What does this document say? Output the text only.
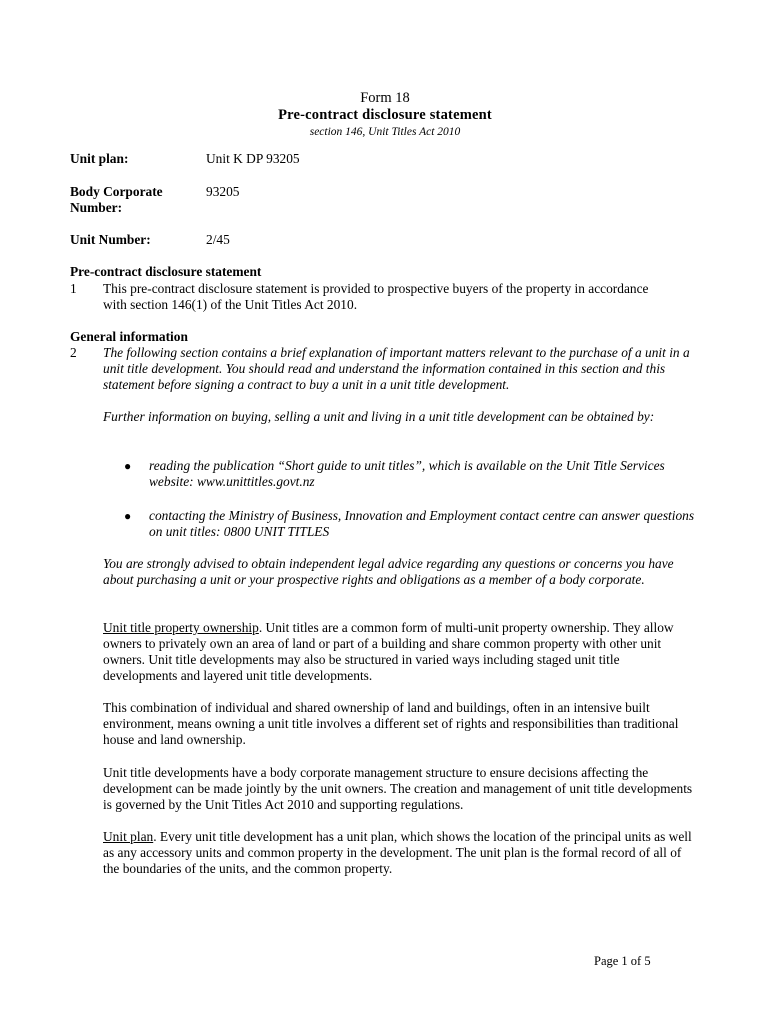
Form 18
Pre-contract disclosure statement
section 146, Unit Titles Act 2010
Unit plan:	Unit K DP 93205
Body Corporate Number:
93205
Unit Number:	2/45
Pre-contract disclosure statement
1 This pre-contract disclosure statement is provided to prospective buyers of the property in accordance with section 146(1) of the Unit Titles Act 2010.
General information
2 The following section contains a brief explanation of important matters relevant to the purchase of a unit in a unit title development. You should read and understand the information contained in this section and this statement before signing a contract to buy a unit in a unit title development.
Further information on buying, selling a unit and living in a unit title development can be obtained by:
● reading the publication “Short guide to unit titles”, which is available on the Unit Title Services website: www.unittitles.govt.nz
● contacting the Ministry of Business, Innovation and Employment contact centre can answer questions on unit titles: 0800 UNIT TITLES
You are strongly advised to obtain independent legal advice regarding any questions or concerns you have about purchasing a unit or your prospective rights and obligations as a member of a body corporate.
Unit title property ownership. Unit titles are a common form of multi-unit property ownership. They allow owners to privately own an area of land or part of a building and share common property with other unit owners. Unit title developments may also be structured in varied ways including staged unit title developments and layered unit title developments.
This combination of individual and shared ownership of land and buildings, often in an intensive built environment, means owning a unit title involves a different set of rights and responsibilities than traditional house and land ownership.
Unit title developments have a body corporate management structure to ensure decisions affecting the development can be made jointly by the unit owners. The creation and management of unit title developments is governed by the Unit Titles Act 2010 and supporting regulations.
Unit plan. Every unit title development has a unit plan, which shows the location of the principal units as well as any accessory units and common property in the development. The unit plan is the formal record of all of the boundaries of the units, and the common property.
Page 1 of 5
